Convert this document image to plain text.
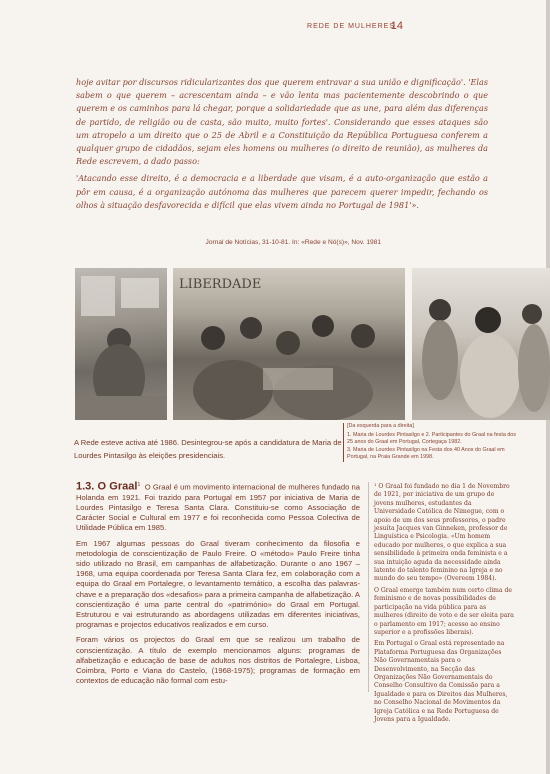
REDE DE MULHERES
14

hoje avitar por discursos ridicularizantes dos que querem entravar a sua união e dignificação'. 'Elas sabem o que querem – acrescentam ainda – e vão lenta mas pacientemente descobrindo o que querem e os caminhos para lá chegar, porque a solidariedade que as une, para além das diferenças de partido, de religião ou de casta, são muito, muito fortes'. Considerando que esses ataques são um atropelo a um direito que o 25 de Abril e a Constituição da República Portuguesa conferem a qualquer grupo de cidadãos, sejam eles homens ou mulheres (o direito de reunião), as mulheres da Rede escrevem, a dado passo:

'Atacando esse direito, é a democracia e a liberdade que visam, é a auto-organização que estão a pôr em causa, é a organização autónoma das mulheres que parecem querer impedir, fechando os olhos à situação desfavorecida e difícil que elas vivem ainda no Portugal de 1981'».

Jornal de Notícias, 31-10-81. In: «Rede e Nó(s)», Nov. 1981
LIBERDADE
A Rede esteve activa até 1986. Desintegrou-se após a candidatura de Maria de Lourdes Pintasilgo às eleições presidenciais.
[Da esquerda para a direita]
1. Maria de Lourdes Pintasilgo e 2. Participantes do Graal na festa dos 25 anos do Graal em Portugal, Cortegaça 1982.
3. Maria de Lourdes Pintasilgo na Festa dos 40 Anos do Graal em Portugal, na Praia Grande em 1998.

1.3. O Graal$^1$ O Graal é um movimento internacional de mulheres fundado na Holanda em 1921. Foi trazido para Portugal em 1957 por iniciativa de Maria de Lourdes Pintasilgo e Teresa Santa Clara. Constituiu-se como Associação de Carácter Social e Cultural em 1977 e foi reconhecida como Pessoa Colectiva de Utilidade Pública em 1985.

Em 1967 algumas pessoas do Graal tiveram conhecimento da filosofia e metodologia de conscientização de Paulo Freire. O «método» Paulo Freire tinha sido utilizado no Brasil, em campanhas de alfabetização. Durante o ano 1967 – 1968, uma equipa coordenada por Teresa Santa Clara fez, em colaboração com a equipa do Graal em Portalegre, o levantamento temático, a escolha das palavras-chave e a preparação dos «desafios» para a primeira campanha de alfabetização. A conscientização é uma parte central do «património» do Graal em Portugal. Estruturou e vai estruturando as abordagens utilizadas em diferentes iniciativas, programas e projectos educativos realizados e em curso.

Foram vários os projectos do Graal em que se realizou um trabalho de conscientização. A título de exemplo mencionamos alguns: programas de alfabetização e educação de base de adultos nos distritos de Portalegre, Lisboa, Coimbra, Porto e Viana do Castelo, (1968-1975); programas de formação em contextos de educação não formal com estu-

¹ O Graal foi fundado no dia 1 de Novembro de 1921, por iniciativa de um grupo de jovens mulheres, estudantes da Universidade Católica de Nimegue, com o apoio de um dos seus professores, o padre jesuíta Jacques van Ginneken, professor de Linguística e Psicologia. «Um homem educado por mulheres, o que explica a sua sensibilidade à primeira onda feminista e a sua intuição aguda da necessidade ainda latente do talento feminino na Igreja e no mundo do seu tempo» (Overeem 1984).

O Graal emerge também num certo clima de feminismo e de novas possibilidades de participação na vida pública para as mulheres (direito de voto e de ser eleita para o parlamento em 1917; acesso ao ensino superior e a profissões liberais).

Em Portugal o Graal está representado na Plataforma Portuguesa das Organizações Não Governamentais para o Desenvolvimento, na Secção das Organizações Não Governamentais do Conselho Consultivo da Comissão para a Igualdade e para os Direitos das Mulheres, no Conselho Nacional de Movimentos da Igreja Católica e na Rede Portuguesa de Jovens para a Igualdade.
